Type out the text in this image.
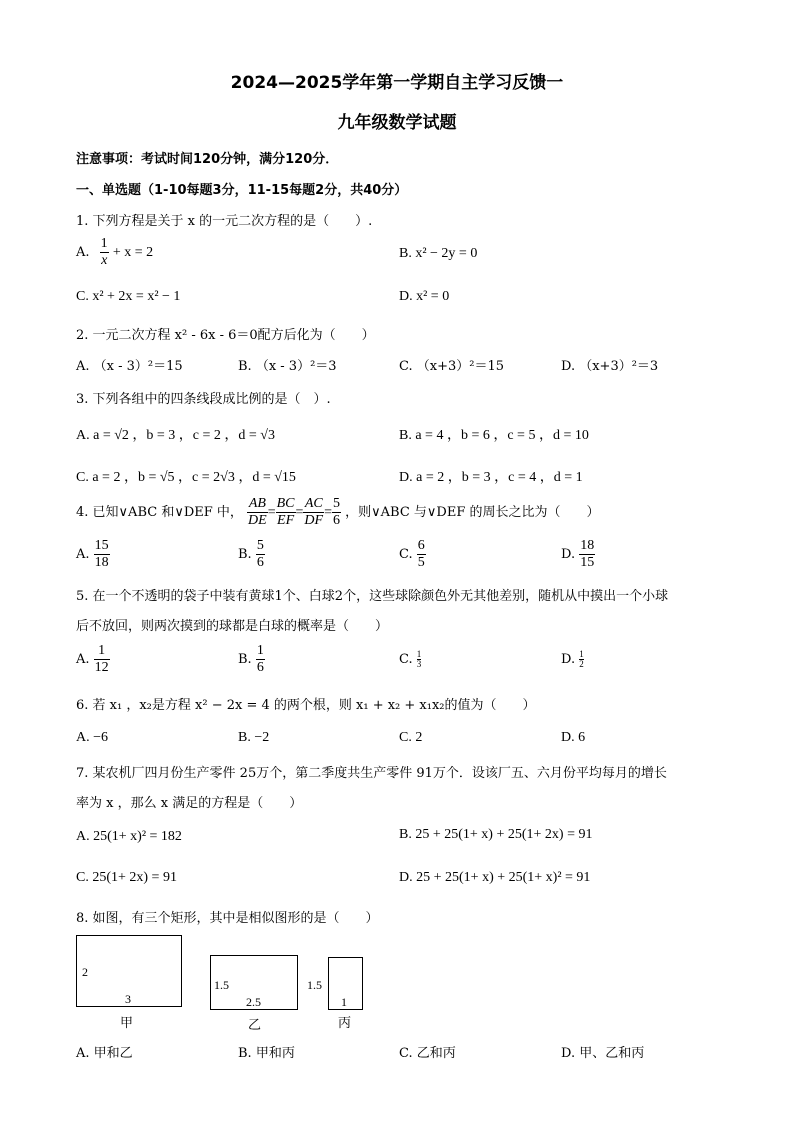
2024—2025学年第一学期自主学习反馈一
九年级数学试题
注意事项：考试时间120分钟，满分120分．
一、单选题（1-10每题3分，11-15每题2分，共40分）
1. 下列方程是关于 x 的一元二次方程的是（　　）.
A. $\frac{1}{x} + x = 2$	B. x² − 2y = 0
C. x² + 2x = x² − 1	D. x² = 0
2. 一元二次方程 x² - 6x - 6＝0配方后化为（　　）
A. （x - 3）²＝15	B. （x - 3）²＝3	C. （x+3）²＝15	D. （x+3）²＝3
3. 下列各组中的四条线段成比例的是（　）.
A. a = √2 ，b = 3 ，c = 2 ，d = √3	B. a = 4 ，b = 6 ，c = 5 ，d = 10
C. a = 2 ，b = √5 ，c = 2√3 ，d = √15	D. a = 2 ，b = 3 ，c = 4 ，d = 1
4. 已知∨ABC 和∨DEF 中， $\frac{AB}{DE} = \frac{BC}{EF} = \frac{AC}{DF} = \frac{5}{6}$ ，则∨ABC 与∨DEF 的周长之比为（　　）
A. $\frac{15}{18}$	B. $\frac{5}{6}$	C. $\frac{6}{5}$	D. $\frac{18}{15}$
5. 在一个不透明的袋子中装有黄球1个、白球2个，这些球除颜色外无其他差别，随机从中摸出一个小球
后不放回，则两次摸到的球都是白球的概率是（　　）
A. $\frac{1}{12}$	B. $\frac{1}{6}$	C. $\frac{1}{3}$	D. $\frac{1}{2}$
6. 若 x₁ ，x₂是方程 x² − 2x = 4 的两个根，则 x₁ + x₂ + x₁x₂的值为（　　）
A. −6	B. −2	C. 2	D. 6
7. 某农机厂四月份生产零件 25万个，第二季度共生产零件 91万个．设该厂五、六月份平均每月的增长
率为 x ，那么 x 满足的方程是（　　）
A. 25(1+ x)² = 182	B. 25 + 25(1+ x) + 25(1+ 2x) = 91
C. 25(1+ 2x) = 91	D. 25 + 25(1+ x) + 25(1+ x)² = 91
8. 如图，有三个矩形，其中是相似图形的是（　　）
2
3
甲
1.5
2.5
乙
1.5
1
丙
A. 甲和乙	B. 甲和丙	C. 乙和丙	D. 甲、乙和丙
